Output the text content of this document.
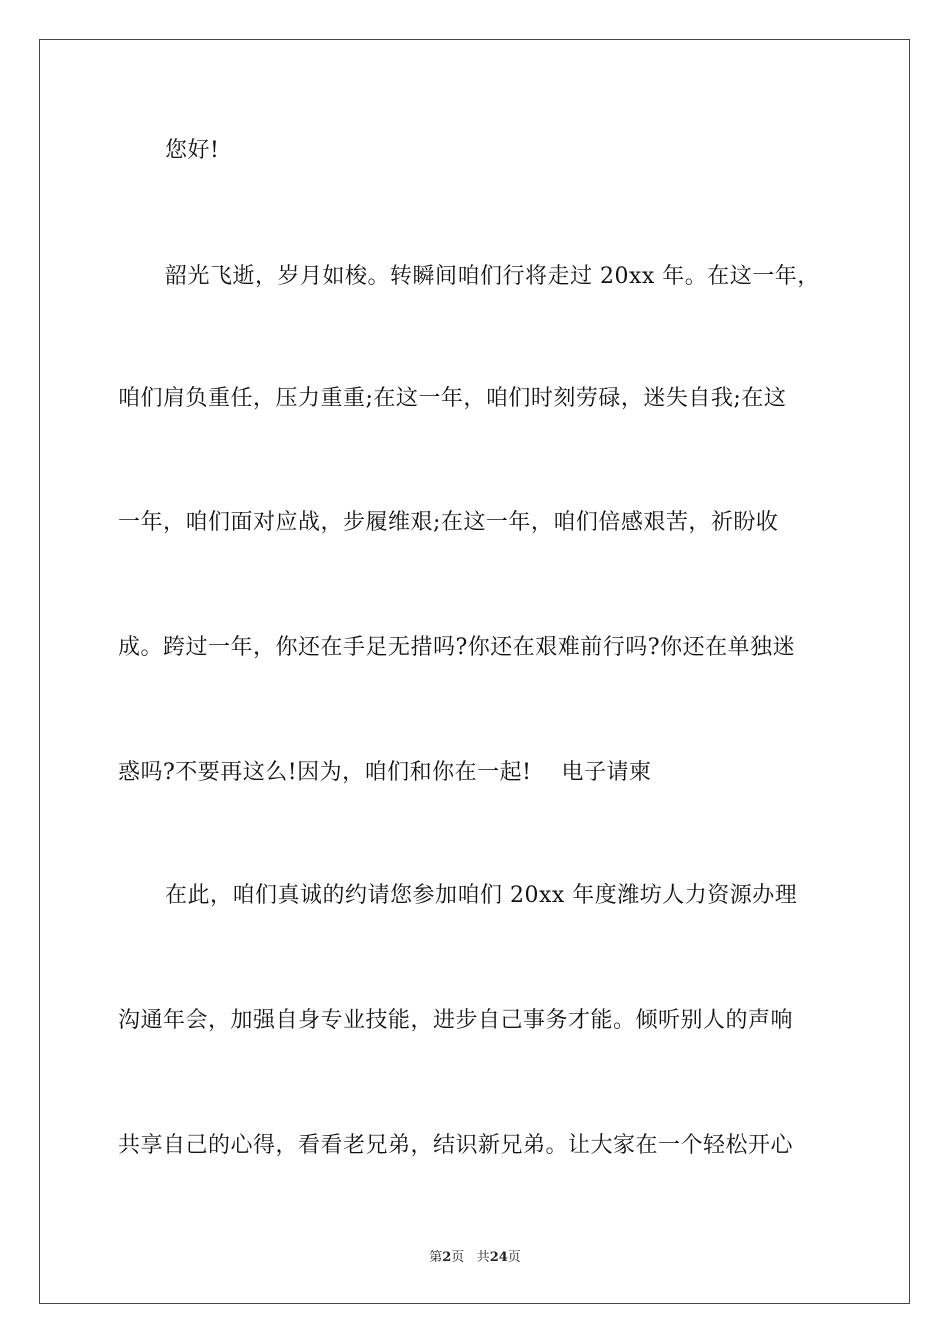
您好!
韶光飞逝，岁月如梭。转瞬间咱们行将走过 20xx 年。在这一年，
咱们肩负重任，压力重重;在这一年，咱们时刻劳碌，迷失自我;在这
一年，咱们面对应战，步履维艰;在这一年，咱们倍感艰苦，祈盼收
成。跨过一年，你还在手足无措吗?你还在艰难前行吗?你还在单独迷
惑吗?不要再这么!因为，咱们和你在一起!    电子请柬
在此，咱们真诚的约请您参加咱们 20xx 年度潍坊人力资源办理
沟通年会，加强自身专业技能，进步自己事务才能。倾听别人的声响
共享自己的心得，看看老兄弟，结识新兄弟。让大家在一个轻松开心
第2页 共24页
